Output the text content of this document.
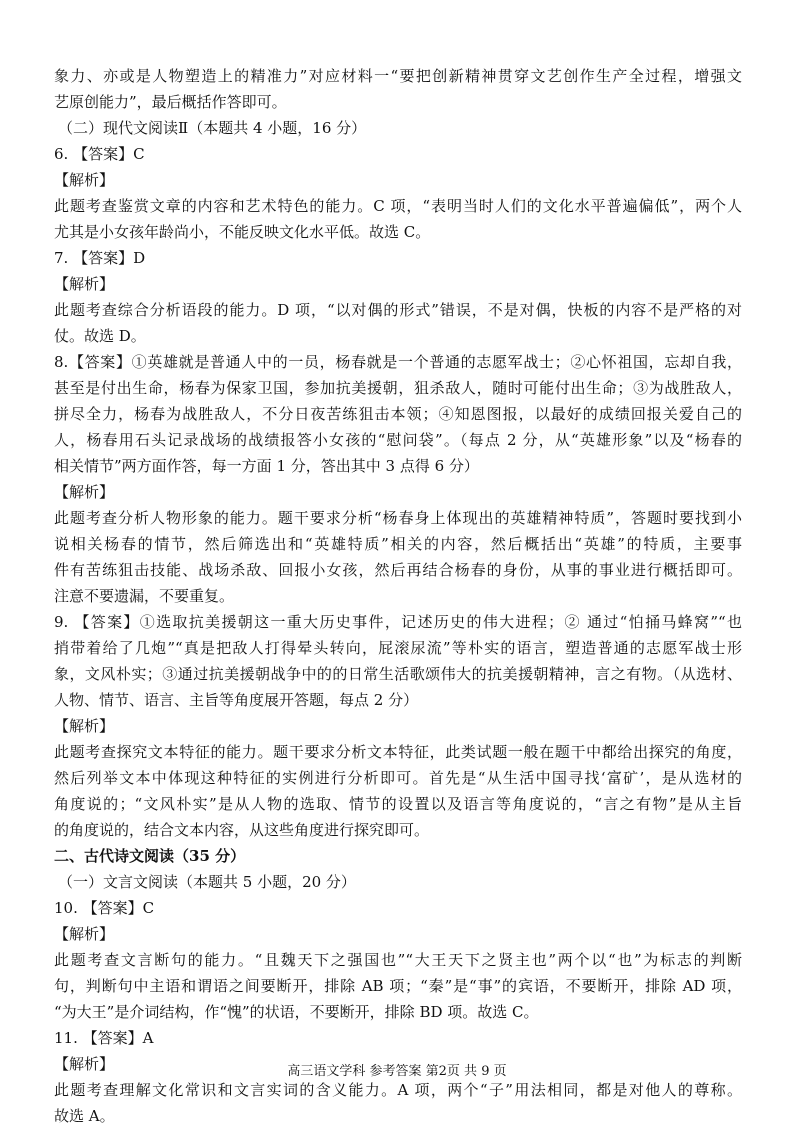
象力、亦或是人物塑造上的精准力”对应材料一“要把创新精神贯穿文艺创作生产全过程，增强文
艺原创能力”，最后概括作答即可。
（二）现代文阅读Ⅱ（本题共 4 小题，16 分）
6. 【答案】C
【解析】
此题考查鉴赏文章的内容和艺术特色的能力。C 项，“表明当时人们的文化水平普遍偏低”，两个人
尤其是小女孩年龄尚小，不能反映文化水平低。故选 C。
7. 【答案】D
【解析】
此题考查综合分析语段的能力。D 项，“以对偶的形式”错误，不是对偶，快板的内容不是严格的对
仗。故选 D。
8.【答案】①英雄就是普通人中的一员，杨春就是一个普通的志愿军战士；②心怀祖国，忘却自我，
甚至是付出生命，杨春为保家卫国，参加抗美援朝，狙杀敌人，随时可能付出生命；③为战胜敌人，
拼尽全力，杨春为战胜敌人，不分日夜苦练狙击本领；④知恩图报，以最好的成绩回报关爱自己的
人，杨春用石头记录战场的战绩报答小女孩的“慰问袋”。（每点 2 分，从“英雄形象”以及“杨春的
相关情节”两方面作答，每一方面 1 分，答出其中 3 点得 6 分）
【解析】
此题考查分析人物形象的能力。题干要求分析“杨春身上体现出的英雄精神特质”，答题时要找到小
说相关杨春的情节，然后筛选出和“英雄特质”相关的内容，然后概括出“英雄”的特质，主要事
件有苦练狙击技能、战场杀敌、回报小女孩，然后再结合杨春的身份，从事的事业进行概括即可。
注意不要遗漏，不要重复。
9. 【答案】①选取抗美援朝这一重大历史事件，记述历史的伟大进程；② 通过“怕捅马蜂窝”“也
捎带着给了几炮”“真是把敌人打得晕头转向，屁滚尿流”等朴实的语言，塑造普通的志愿军战士形
象，文风朴实；③通过抗美援朝战争中的的日常生活歌颂伟大的抗美援朝精神，言之有物。（从选材、
人物、情节、语言、主旨等角度展开答题，每点 2 分）
【解析】
此题考查探究文本特征的能力。题干要求分析文本特征，此类试题一般在题干中都给出探究的角度，
然后列举文本中体现这种特征的实例进行分析即可。首先是“从生活中国寻找‘富矿’，是从选材的
角度说的；“文风朴实”是从人物的选取、情节的设置以及语言等角度说的，“言之有物”是从主旨
的角度说的，结合文本内容，从这些角度进行探究即可。
二、古代诗文阅读（35 分）
（一）文言文阅读（本题共 5 小题，20 分）
10. 【答案】C
【解析】
此题考查文言断句的能力。“且魏天下之强国也”“大王天下之贤主也”两个以“也”为标志的判断
句，判断句中主语和谓语之间要断开，排除 AB 项；“秦”是“事”的宾语，不要断开，排除 AD 项，
“为大王”是介词结构，作“愧”的状语，不要断开，排除 BD 项。故选 C。
11. 【答案】A
【解析】
此题考查理解文化常识和文言实词的含义能力。A 项，两个“子”用法相同，都是对他人的尊称。
故选 A。
高三语文学科 参考答案 第2页 共 9 页
